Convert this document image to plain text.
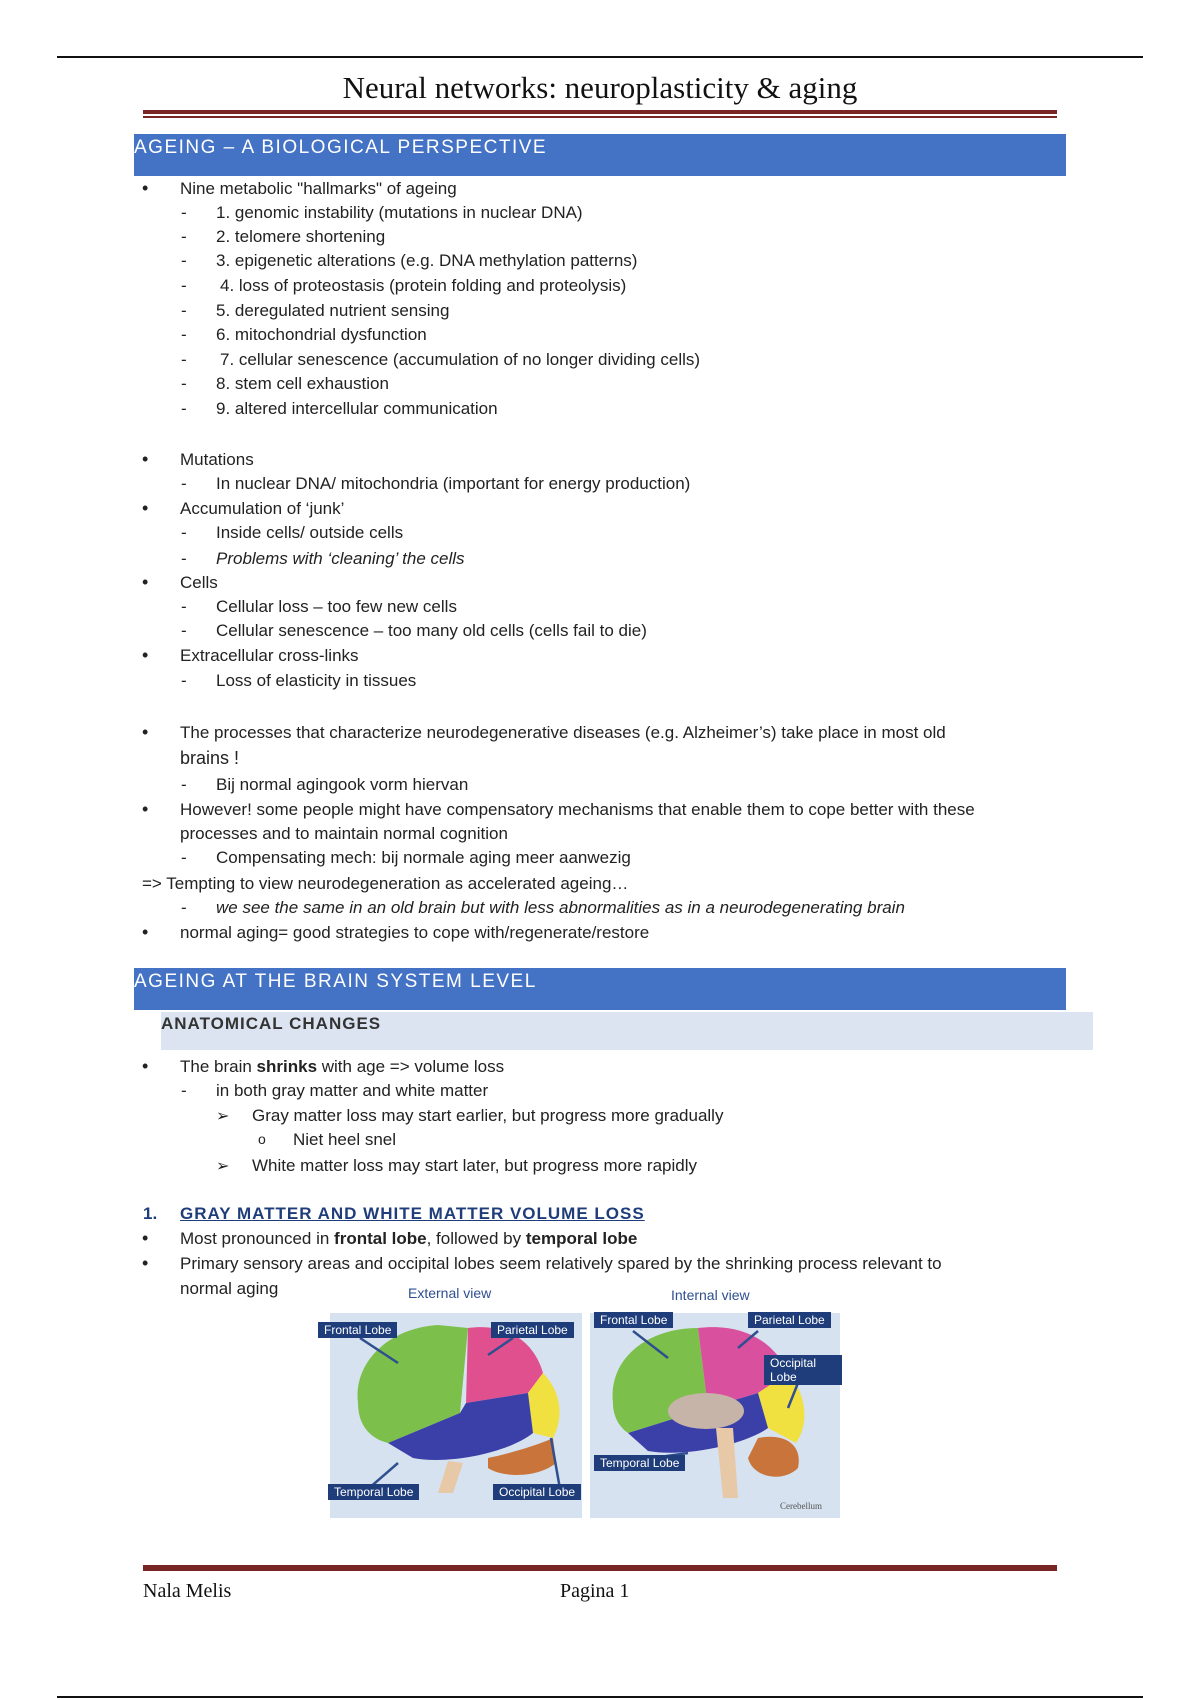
Neural networks: neuroplasticity & aging
AGEING – A BIOLOGICAL PERSPECTIVE
• Nine metabolic "hallmarks" of ageing
- 1. genomic instability (mutations in nuclear DNA)
- 2. telomere shortening
- 3. epigenetic alterations (e.g. DNA methylation patterns)
- 4. loss of proteostasis (protein folding and proteolysis)
- 5. deregulated nutrient sensing
- 6. mitochondrial dysfunction
- 7. cellular senescence (accumulation of no longer dividing cells)
- 8. stem cell exhaustion
- 9. altered intercellular communication
• Mutations
- In nuclear DNA/ mitochondria (important for energy production)
• Accumulation of ‘junk’
- Inside cells/ outside cells
- Problems with ‘cleaning’ the cells
• Cells
- Cellular loss – too few new cells
- Cellular senescence – too many old cells (cells fail to die)
• Extracellular cross-links
- Loss of elasticity in tissues
• The processes that characterize neurodegenerative diseases (e.g. Alzheimer’s) take place in most old
brains !
- Bij normal agingook vorm hiervan
• However! some people might have compensatory mechanisms that enable them to cope better with these
processes and to maintain normal cognition
- Compensating mech: bij normale aging meer aanwezig
=> Tempting to view neurodegeneration as accelerated ageing…
- we see the same in an old brain but with less abnormalities as in a neurodegenerating brain
• normal aging= good strategies to cope with/regenerate/restore
AGEING AT THE BRAIN SYSTEM LEVEL
ANATOMICAL CHANGES
• The brain shrinks with age => volume loss
- in both gray matter and white matter
➢ Gray matter loss may start earlier, but progress more gradually
o Niet heel snel
➢ White matter loss may start later, but progress more rapidly
1. GRAY MATTER AND WHITE MATTER VOLUME LOSS
• Most pronounced in frontal lobe, followed by temporal lobe
• Primary sensory areas and occipital lobes seem relatively spared by the shrinking process relevant to
normal aging	External view	Internal view
Frontal Lobe	Parietal Lobe
Temporal Lobe	Occipital Lobe
Frontal Lobe	Parietal Lobe
Occipital Lobe
Temporal Lobe
Cerebellum
Nala Melis	Pagina 1
